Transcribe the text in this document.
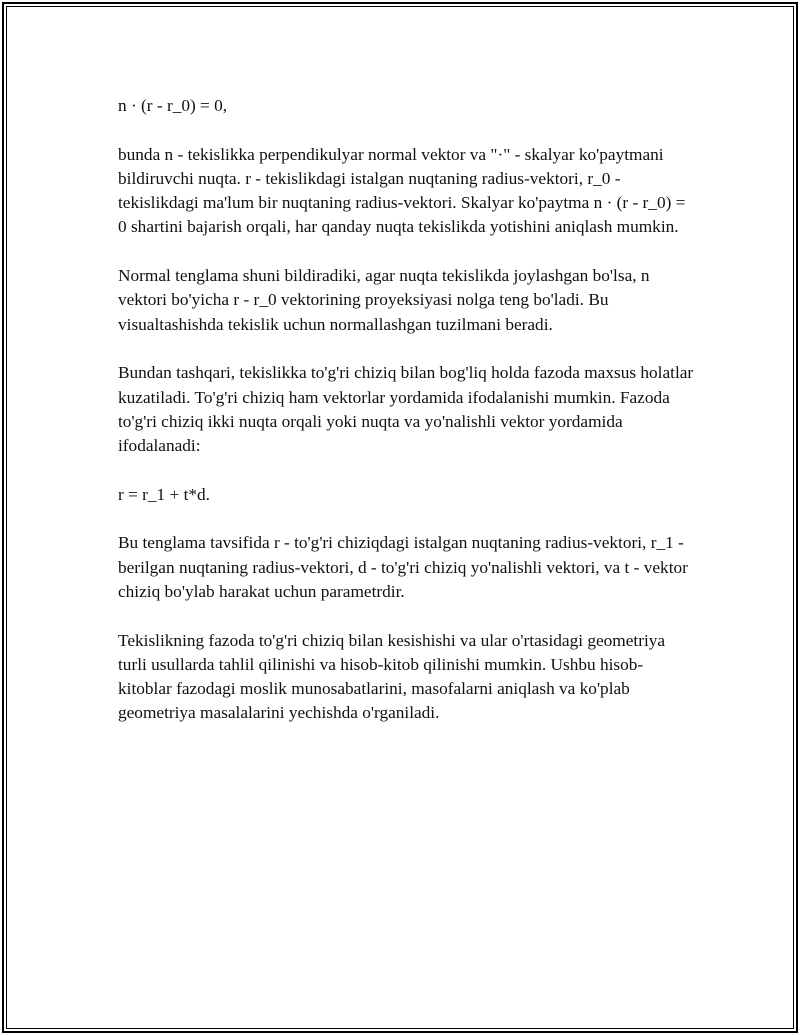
n · (r - r_0) = 0,

bunda n - tekislikka perpendikulyar normal vektor va "·" - skalyar ko'paytmani bildiruvchi nuqta. r - tekislikdagi istalgan nuqtaning radius-vektori, r_0 - tekislikdagi ma'lum bir nuqtaning radius-vektori. Skalyar ko'paytma n · (r - r_0) = 0 shartini bajarish orqali, har qanday nuqta tekislikda yotishini aniqlash mumkin.

Normal tenglama shuni bildiradiki, agar nuqta tekislikda joylashgan bo'lsa, n vektori bo'yicha r - r_0 vektorining proyeksiyasi nolga teng bo'ladi. Bu visualtashishda tekislik uchun normallashgan tuzilmani beradi.

Bundan tashqari, tekislikka to'g'ri chiziq bilan bog'liq holda fazoda maxsus holatlar kuzatiladi. To'g'ri chiziq ham vektorlar yordamida ifodalanishi mumkin. Fazoda to'g'ri chiziq ikki nuqta orqali yoki nuqta va yo'nalishli vektor yordamida ifodalanadi:

r = r_1 + t*d.

Bu tenglama tavsifida r - to'g'ri chiziqdagi istalgan nuqtaning radius-vektori, r_1 - berilgan nuqtaning radius-vektori, d - to'g'ri chiziq yo'nalishli vektori, va t - vektor chiziq bo'ylab harakat uchun parametrdir.

Tekislikning fazoda to'g'ri chiziq bilan kesishishi va ular o'rtasidagi geometriya turli usullarda tahlil qilinishi va hisob-kitob qilinishi mumkin. Ushbu hisob-kitoblar fazodagi moslik munosabatlarini, masofalarni aniqlash va ko'plab geometriya masalalarini yechishda o'rganiladi.
